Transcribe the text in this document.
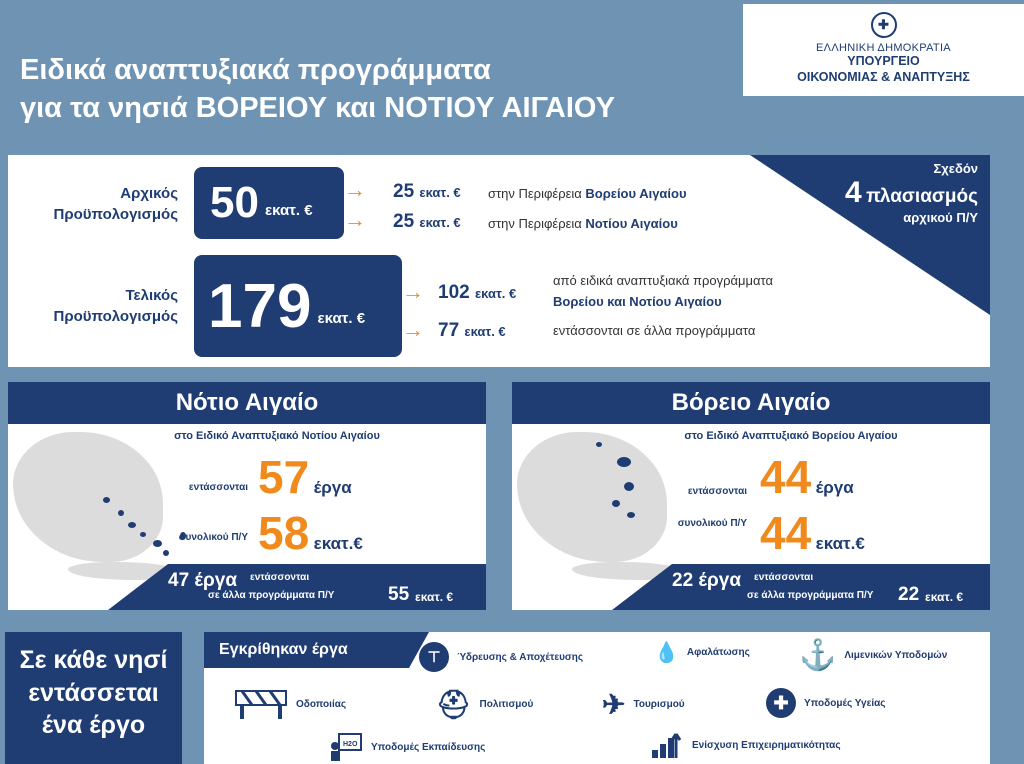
Ειδικά αναπτυξιακά προγράμματα
για τα νησιά ΒΟΡΕΙΟΥ και ΝΟΤΙΟΥ ΑΙΓΑΙΟΥ
✚
ΕΛΛΗΝΙΚΗ ΔΗΜΟΚΡΑΤΙΑ
ΥΠΟΥΡΓΕΙΟ
ΟΙΚΟΝΟΜΙΑΣ & ΑΝΑΠΤΥΞΗΣ
Σχεδόν
4 πλασιασμός
αρχικού Π/Υ
Αρχικός
Προϋπολογισμός 50 εκατ. €
→ 25 εκατ. € στην Περιφέρεια Βορείου Αιγαίου
→ 25 εκατ. € στην Περιφέρεια Νοτίου Αιγαίου
Τελικός
Προϋπολογισμός 179 εκατ. €
→ 102 εκατ. €
από ειδικά αναπτυξιακά προγράμματα
Βορείου και Νοτίου Αιγαίου
→ 77 εκατ. €	εντάσσονται σε άλλα προγράμματα
Νότιο Αιγαίο
στο Ειδικό Αναπτυξιακό Νοτίου Αιγαίου
εντάσσονται 57 έργα
συνολικού Π/Υ 58 εκατ.€
47 έργα εντάσσονται
σε άλλα προγράμματα Π/Υ	55 εκατ. €
Βόρειο Αιγαίο
στο Ειδικό Αναπτυξιακό Βορείου Αιγαίου
εντάσσονται 44 έργα
συνολικού Π/Υ 44 εκατ.€
22 έργα εντάσσονται
σε άλλα προγράμματα Π/Υ 22 εκατ. €
Σε κάθε νησί
εντάσσεται
ένα έργο
Εγκρίθηκαν έργα	⊤	Ύδρευσης & Αποχέτευσης	💧 Αφαλάτωσης ⚓ Λιμενικών Υποδομών
Οδοποιίας	⛑ Πολιτισμού ✈ Τουρισμού	✚	Υποδομές Υγείας
H2O Υποδομές Εκπαίδευσης	Ενίσχυση Επιχειρηματικότητας
